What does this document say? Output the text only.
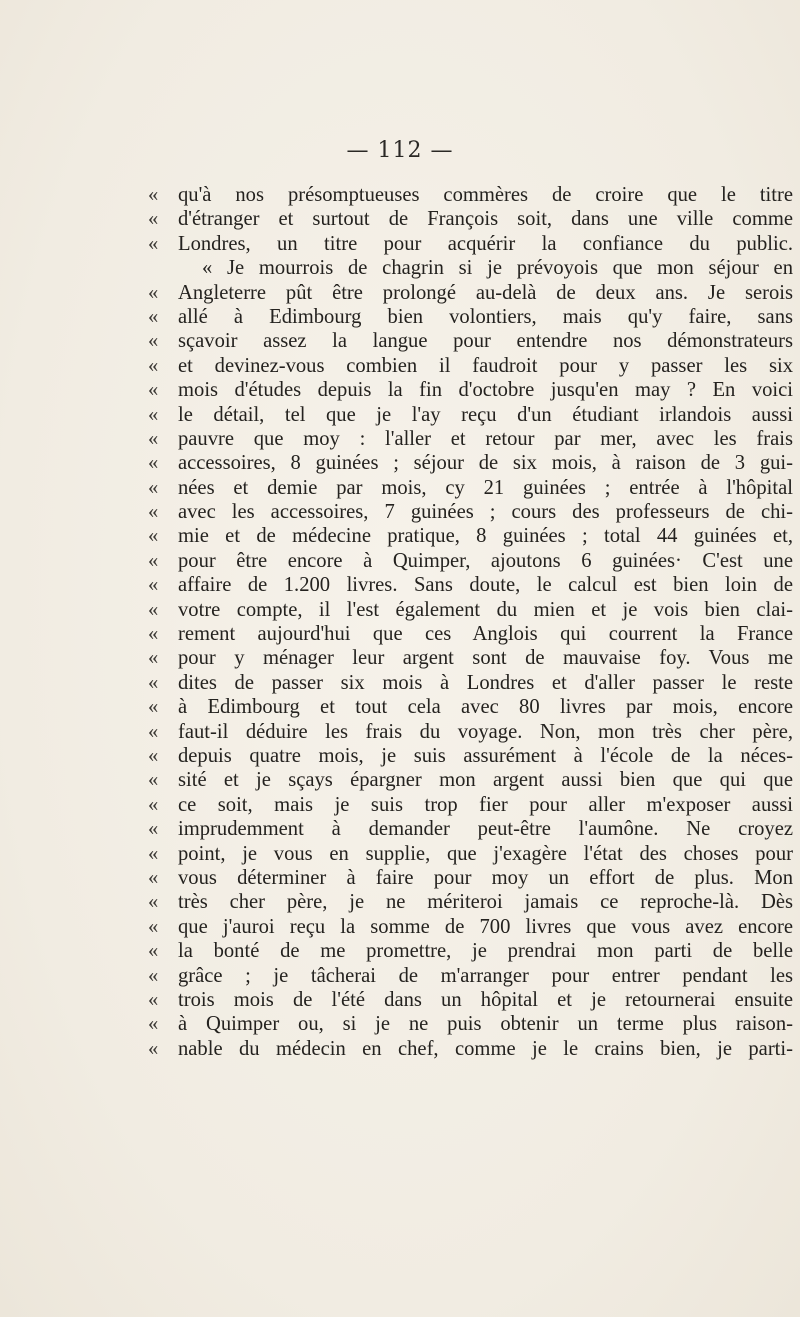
— 112 —
« qu'à nos présomptueuses commères de croire que le titre
« d'étranger et surtout de François soit, dans une ville comme
« Londres, un titre pour acquérir la confiance du public.
« Je mourrois de chagrin si je prévoyois que mon séjour en
« Angleterre pût être prolongé au-delà de deux ans. Je serois
« allé à Edimbourg bien volontiers, mais qu'y faire, sans
« sçavoir assez la langue pour entendre nos démonstrateurs
« et devinez-vous combien il faudroit pour y passer les six
« mois d'études depuis la fin d'octobre jusqu'en may ? En voici
« le détail, tel que je l'ay reçu d'un étudiant irlandois aussi
« pauvre que moy : l'aller et retour par mer, avec les frais
« accessoires, 8 guinées ; séjour de six mois, à raison de 3 gui-
« nées et demie par mois, cy 21 guinées ; entrée à l'hôpital
« avec les accessoires, 7 guinées ; cours des professeurs de chi-
« mie et de médecine pratique, 8 guinées ; total 44 guinées et,
« pour être encore à Quimper, ajoutons 6 guinées· C'est une
« affaire de 1.200 livres. Sans doute, le calcul est bien loin de
« votre compte, il l'est également du mien et je vois bien clai-
« rement aujourd'hui que ces Anglois qui courrent la France
« pour y ménager leur argent sont de mauvaise foy. Vous me
« dites de passer six mois à Londres et d'aller passer le reste
« à Edimbourg et tout cela avec 80 livres par mois, encore
« faut-il déduire les frais du voyage. Non, mon très cher père,
« depuis quatre mois, je suis assurément à l'école de la néces-
« sité et je sçays épargner mon argent aussi bien que qui que
« ce soit, mais je suis trop fier pour aller m'exposer aussi
« imprudemment à demander peut-être l'aumône. Ne croyez
« point, je vous en supplie, que j'exagère l'état des choses pour
« vous déterminer à faire pour moy un effort de plus. Mon
« très cher père, je ne mériteroi jamais ce reproche-là. Dès
« que j'auroi reçu la somme de 700 livres que vous avez encore
« la bonté de me promettre, je prendrai mon parti de belle
« grâce ; je tâcherai de m'arranger pour entrer pendant les
« trois mois de l'été dans un hôpital et je retournerai ensuite
« à Quimper ou, si je ne puis obtenir un terme plus raison-
« nable du médecin en chef, comme je le crains bien, je parti-
